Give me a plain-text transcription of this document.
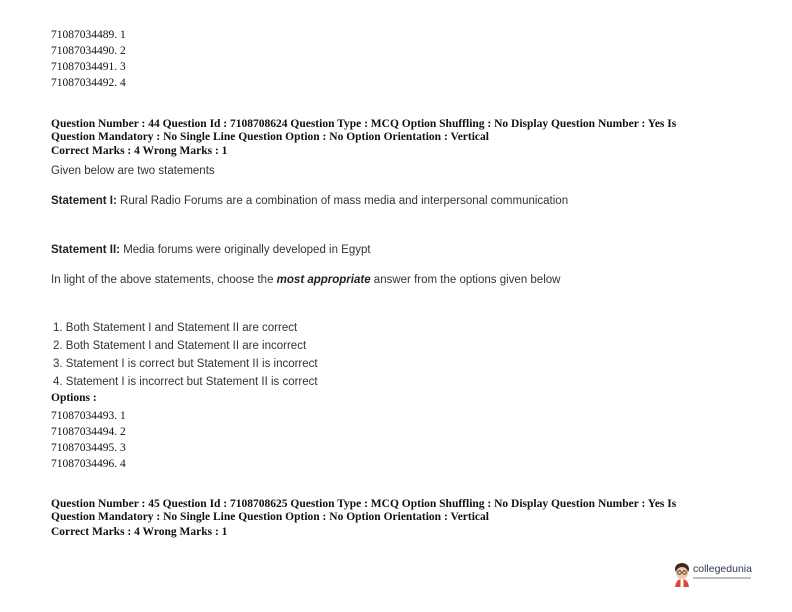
71087034489. 1
71087034490. 2
71087034491. 3
71087034492. 4
Question Number : 44 Question Id : 7108708624 Question Type : MCQ Option Shuffling : No Display Question Number : Yes Is
Question Mandatory : No Single Line Question Option : No Option Orientation : Vertical
Correct Marks : 4 Wrong Marks : 1
Given below are two statements
Statement I: Rural Radio Forums are a combination of mass media and interpersonal communication
Statement II: Media forums were originally developed in Egypt
In light of the above statements, choose the most appropriate answer from the options given below
1. Both Statement I and Statement II are correct
2. Both Statement I and Statement II are incorrect
3. Statement I is correct but Statement II is incorrect
4. Statement I is incorrect but Statement II is correct
Options :
71087034493. 1
71087034494. 2
71087034495. 3
71087034496. 4
Question Number : 45 Question Id : 7108708625 Question Type : MCQ Option Shuffling : No Display Question Number : Yes Is
Question Mandatory : No Single Line Question Option : No Option Orientation : Vertical
Correct Marks : 4 Wrong Marks : 1
collegedunia
